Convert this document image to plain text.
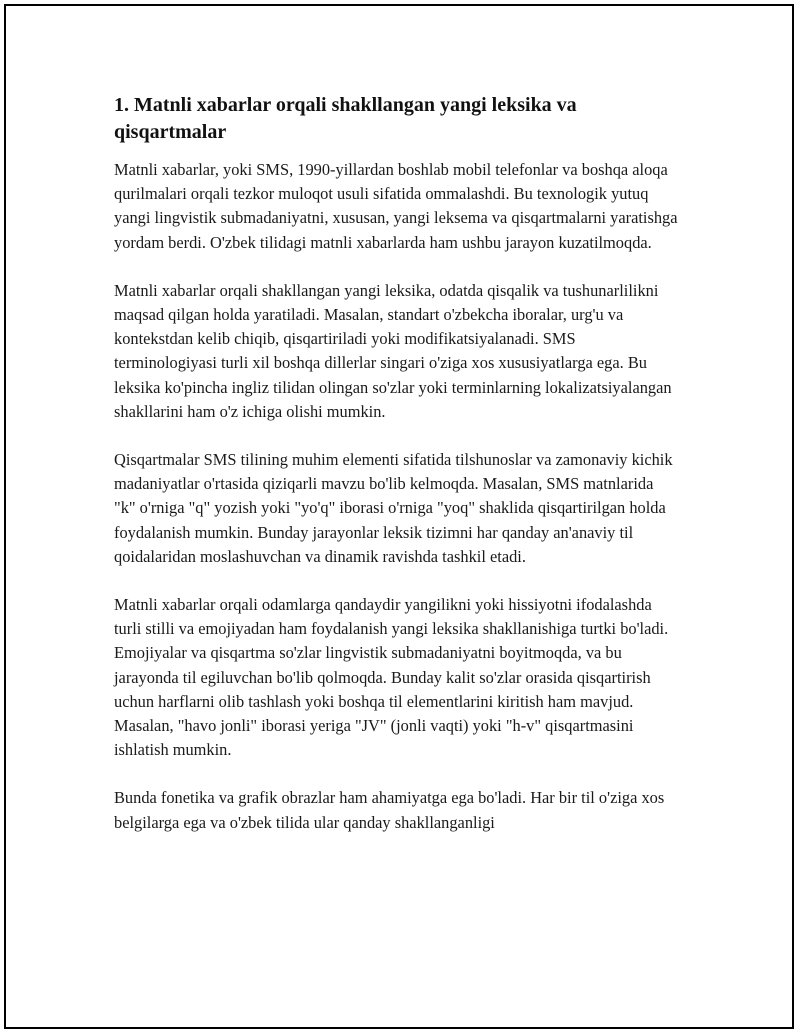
1. Matnli xabarlar orqali shakllangan yangi leksika va qisqartmalar

Matnli xabarlar, yoki SMS, 1990-yillardan boshlab mobil telefonlar va boshqa aloqa qurilmalari orqali tezkor muloqot usuli sifatida ommalashdi. Bu texnologik yutuq yangi lingvistik submadaniyatni, xususan, yangi leksema va qisqartmalarni yaratishga yordam berdi. O'zbek tilidagi matnli xabarlarda ham ushbu jarayon kuzatilmoqda.

Matnli xabarlar orqali shakllangan yangi leksika, odatda qisqalik va tushunarlilikni maqsad qilgan holda yaratiladi. Masalan, standart o'zbekcha iboralar, urg'u va kontekstdan kelib chiqib, qisqartiriladi yoki modifikatsiyalanadi. SMS terminologiyasi turli xil boshqa dillerlar singari o'ziga xos xususiyatlarga ega. Bu leksika ko'pincha ingliz tilidan olingan so'zlar yoki terminlarning lokalizatsiyalangan shakllarini ham o'z ichiga olishi mumkin.

Qisqartmalar SMS tilining muhim elementi sifatida tilshunoslar va zamonaviy kichik madaniyatlar o'rtasida qiziqarli mavzu bo'lib kelmoqda. Masalan, SMS matnlarida "k" o'rniga "q" yozish yoki "yo'q" iborasi o'rniga "yoq" shaklida qisqartirilgan holda foydalanish mumkin. Bunday jarayonlar leksik tizimni har qanday an'anaviy til qoidalaridan moslashuvchan va dinamik ravishda tashkil etadi.

Matnli xabarlar orqali odamlarga qandaydir yangilikni yoki hissiyotni ifodalashda turli stilli va emojiyadan ham foydalanish yangi leksika shakllanishiga turtki bo'ladi. Emojiyalar va qisqartma so'zlar lingvistik submadaniyatni boyitmoqda, va bu jarayonda til egiluvchan bo'lib qolmoqda. Bunday kalit so'zlar orasida qisqartirish uchun harflarni olib tashlash yoki boshqa til elementlarini kiritish ham mavjud. Masalan, "havo jonli" iborasi yeriga "JV" (jonli vaqti) yoki "h-v" qisqartmasini ishlatish mumkin.

Bunda fonetika va grafik obrazlar ham ahamiyatga ega bo'ladi. Har bir til o'ziga xos belgilarga ega va o'zbek tilida ular qanday shakllanganligi
